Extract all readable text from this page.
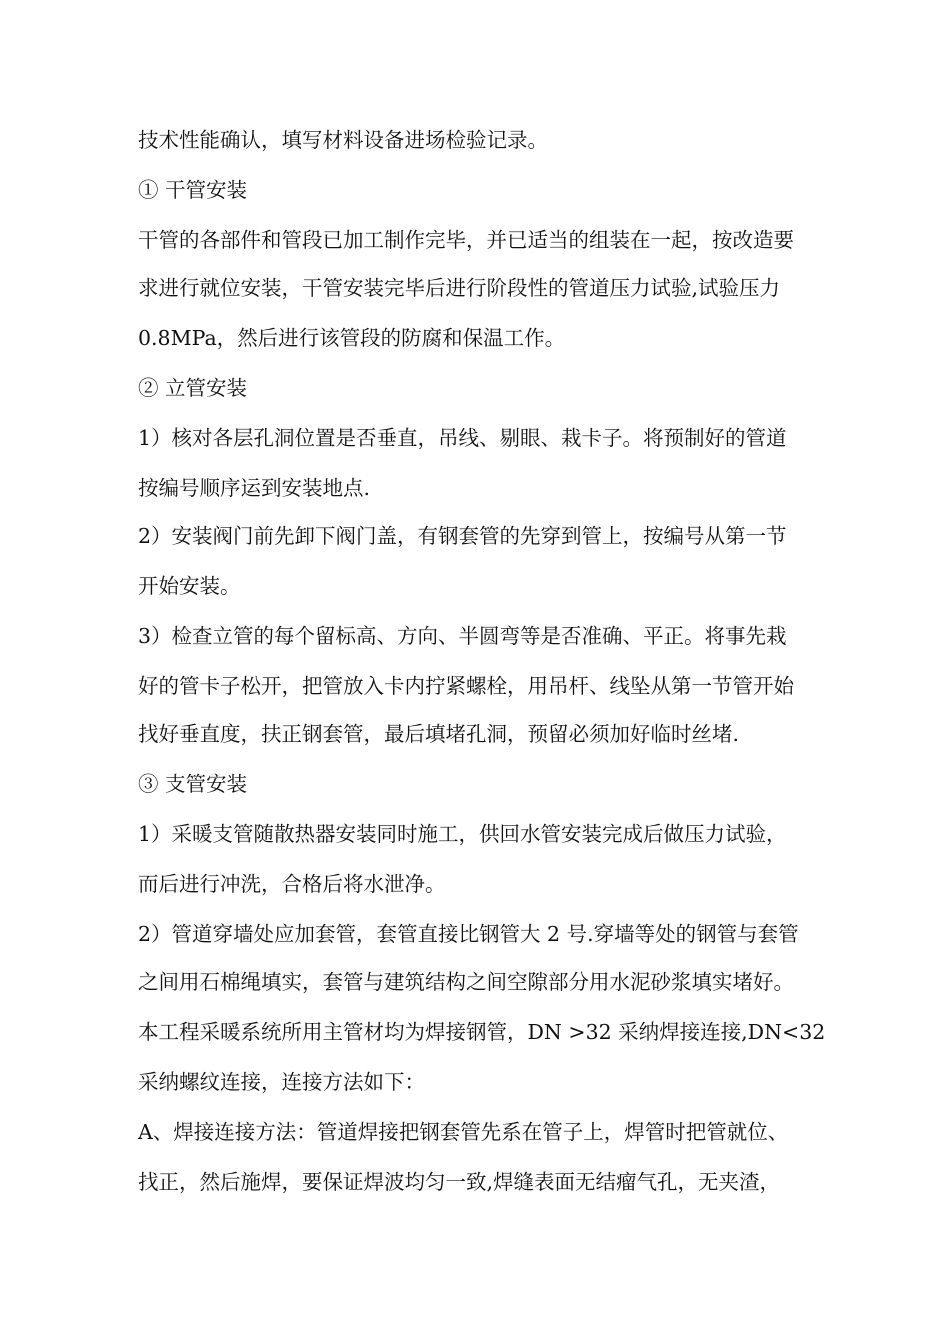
技术性能确认，填写材料设备进场检验记录。
① 干管安装
干管的各部件和管段已加工制作完毕，并已适当的组装在一起，按改造要
求进行就位安装，干管安装完毕后进行阶段性的管道压力试验,试验压力
0.8MPa，然后进行该管段的防腐和保温工作。
② 立管安装
1）核对各层孔洞位置是否垂直，吊线、剔眼、栽卡子。将预制好的管道
按编号顺序运到安装地点.
2）安装阀门前先卸下阀门盖，有钢套管的先穿到管上，按编号从第一节
开始安装。
3）检查立管的每个留标高、方向、半圆弯等是否准确、平正。将事先栽
好的管卡子松开，把管放入卡内拧紧螺栓，用吊杆、线坠从第一节管开始
找好垂直度，扶正钢套管，最后填堵孔洞，预留必须加好临时丝堵.
③ 支管安装
1）采暖支管随散热器安装同时施工，供回水管安装完成后做压力试验，
而后进行冲洗，合格后将水泄净。
2）管道穿墙处应加套管，套管直接比钢管大 2 号.穿墙等处的钢管与套管
之间用石棉绳填实，套管与建筑结构之间空隙部分用水泥砂浆填实堵好。
本工程采暖系统所用主管材均为焊接钢管，DN >32 采纳焊接连接,DN<32
采纳螺纹连接，连接方法如下：
A、焊接连接方法：管道焊接把钢套管先系在管子上，焊管时把管就位、
找正，然后施焊，要保证焊波均匀一致,焊缝表面无结瘤气孔，无夹渣，
